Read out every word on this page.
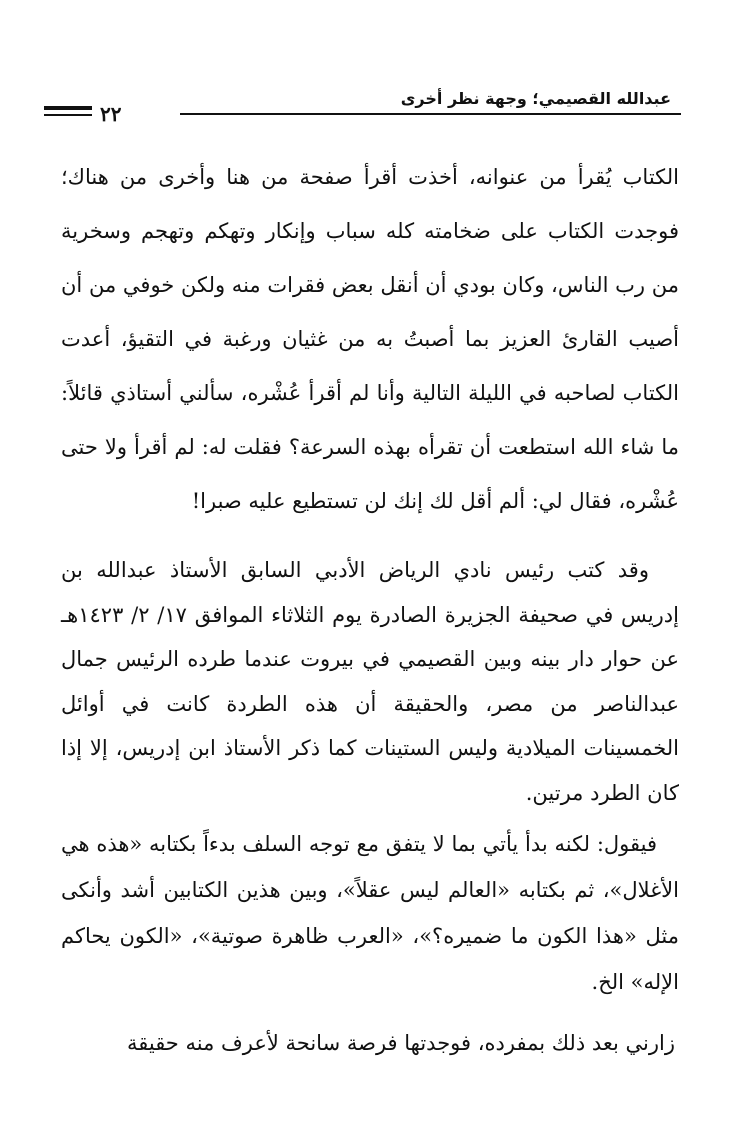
عبدالله القصيمي؛ وجهة نظر أخرى
٢٢

الكتاب يُقرأ من عنوانه، أخذت أقرأ صفحة من هنا وأخرى من هناك؛ فوجدت الكتاب على ضخامته كله سباب وإنكار وتهكم وتهجم وسخرية من رب الناس، وكان بودي أن أنقل بعض فقرات منه ولكن خوفي من أن أصيب القارئ العزيز بما أصبتُ به من غثيان ورغبة في التقيؤ، أعدت الكتاب لصاحبه في الليلة التالية وأنا لم أقرأ عُشْره، سألني أستاذي قائلاً: ما شاء الله استطعت أن تقرأه بهذه السرعة؟ فقلت له: لم أقرأ ولا حتى عُشْره، فقال لي: ألم أقل لك إنك لن تستطيع عليه صبرا!

وقد كتب رئيس نادي الرياض الأدبي السابق الأستاذ عبدالله بن إدريس في صحيفة الجزيرة الصادرة يوم الثلاثاء الموافق ١٧/ ٢/ ١٤٢٣هـ عن حوار دار بينه وبين القصيمي في بيروت عندما طرده الرئيس جمال عبدالناصر من مصر، والحقيقة أن هذه الطردة كانت في أوائل الخمسينات الميلادية وليس الستينات كما ذكر الأستاذ ابن إدريس، إلا إذا كان الطرد مرتين.

فيقول: لكنه بدأ يأتي بما لا يتفق مع توجه السلف بدءاً بكتابه «هذه هي الأغلال»، ثم بكتابه «العالم ليس عقلاً»، وبين هذين الكتابين أشد وأنكى مثل «هذا الكون ما ضميره؟»، «العرب ظاهرة صوتية»، «الكون يحاكم الإله» الخ.

زارني بعد ذلك بمفرده، فوجدتها فرصة سانحة لأعرف منه حقيقة
